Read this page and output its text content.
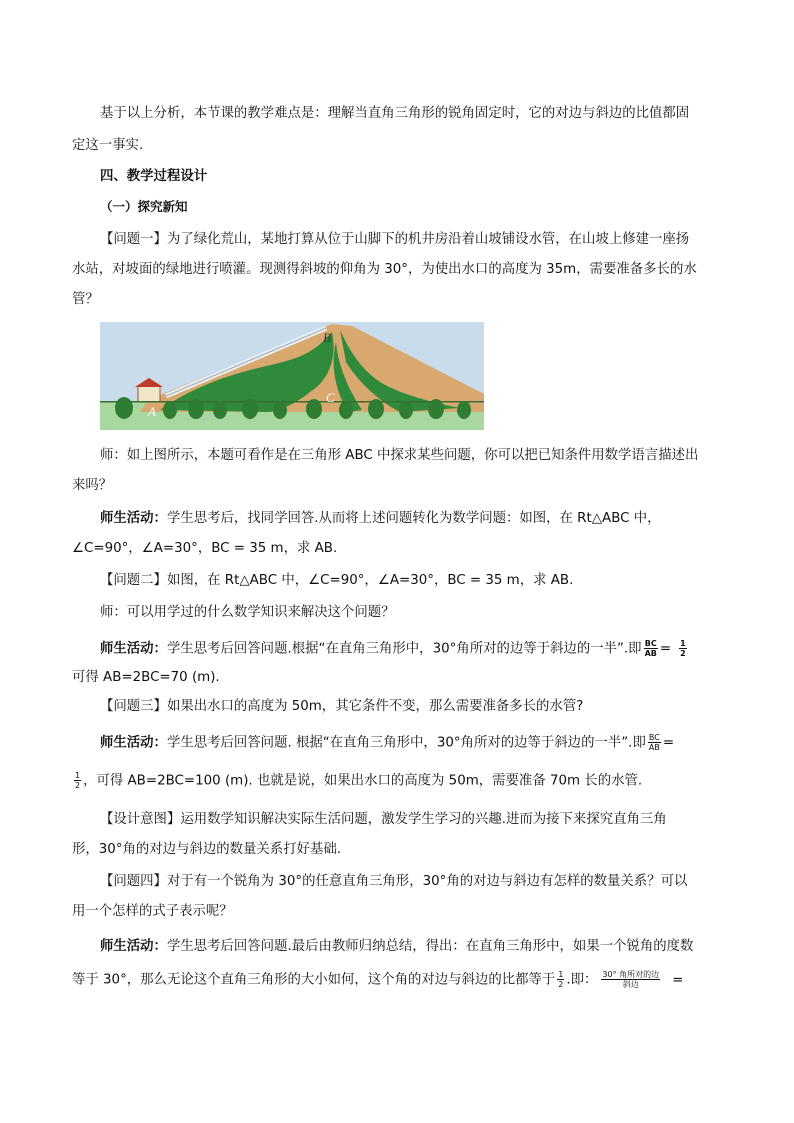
基于以上分析，本节课的教学难点是：理解当直角三角形的锐角固定时，它的对边与斜边的比值都固
定这一事实.
四、教学过程设计
（一）探究新知
【问题一】为了绿化荒山，某地打算从位于山脚下的机井房沿着山坡铺设水管，在山坡上修建一座扬
水站，对坡面的绿地进行喷灌。现测得斜坡的仰角为 30°，为使出水口的高度为 35m，需要准备多长的水
管？
A
B
C
师：如上图所示，本题可看作是在三角形 ABC 中探求某些问题，你可以把已知条件用数学语言描述出
来吗？
师生活动：学生思考后，找同学回答.从而将上述问题转化为数学问题：如图，在 Rt△ABC 中，
∠C=90°，∠A=30°，BC = 35 m，求 AB.
【问题二】如图，在 Rt△ABC 中，∠C=90°，∠A=30°，BC = 35 m，求 AB.
师：可以用学过的什么数学知识来解决这个问题？
师生活动：学生思考后回答问题.根据“在直角三角形中，30°角所对的边等于斜边的一半”.即 $\frac{BC}{AB} = \frac{1}{2}$
可得 AB=2BC=70 (m).
【问题三】如果出水口的高度为 50m，其它条件不变，那么需要准备多长的水管?
师生活动：学生思考后回答问题. 根据“在直角三角形中，30°角所对的边等于斜边的一半”.即 $\frac{BC}{AB}$ =
$\frac{1}{2}$ ，可得 AB=2BC=100 (m). 也就是说，如果出水口的高度为 50m，需要准备 70m 长的水管.
【设计意图】运用数学知识解决实际生活问题，激发学生学习的兴趣.进而为接下来探究直角三角
形，30°角的对边与斜边的数量关系打好基础.
【问题四】对于有一个锐角为 30°的任意直角三角形，30°角的对边与斜边有怎样的数量关系？可以
用一个怎样的式子表示呢？
师生活动：学生思考后回答问题.最后由教师归纳总结，得出：在直角三角形中，如果一个锐角的度数
等于 30°，那么无论这个直角三角形的大小如何，这个角的对边与斜边的比都等于 $\frac{1}{2}$ .即： $\frac{\text{30° 角所对的边}}{\text{斜边}}$ =
